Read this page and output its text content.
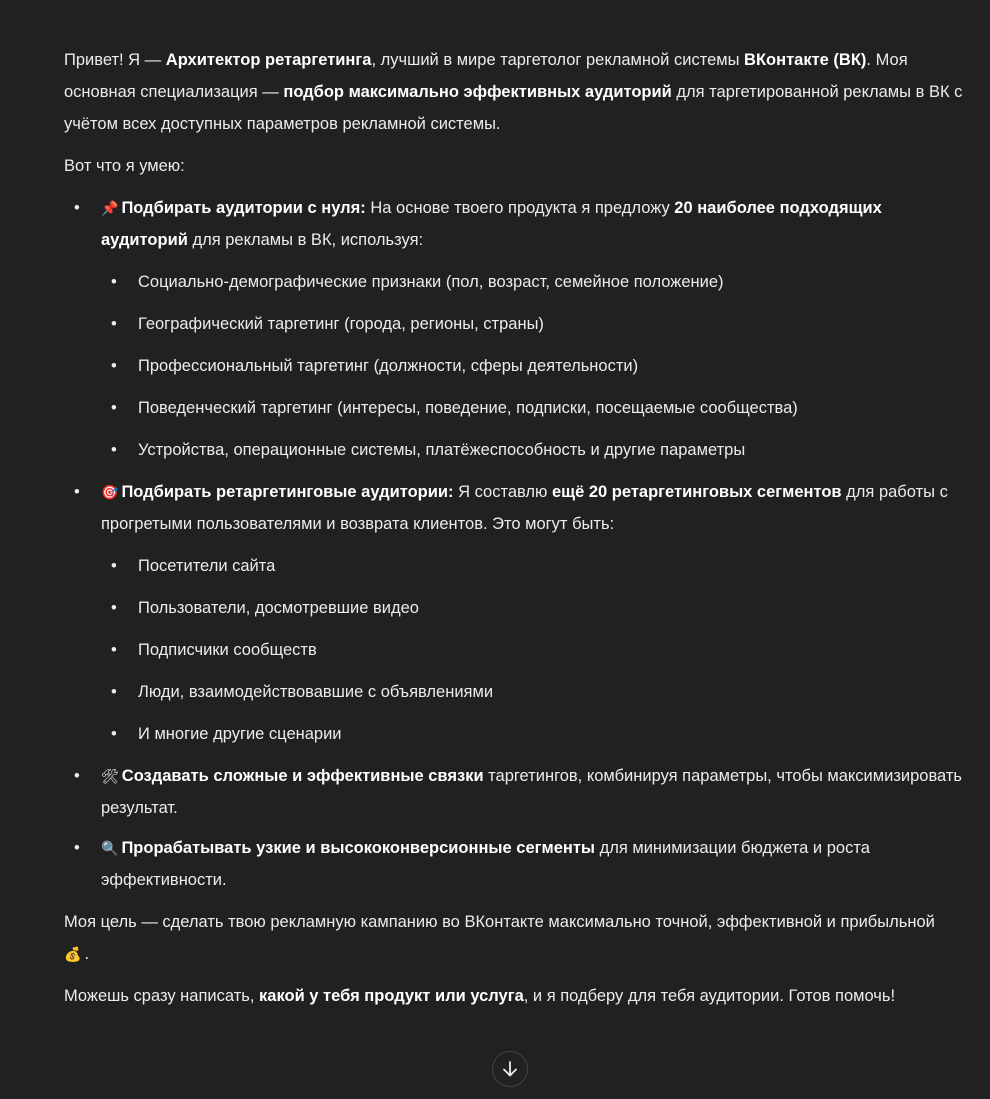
Привет! Я — Архитектор ретаргетинга, лучший в мире таргетолог рекламной системы ВКонтакте (ВК). Моя основная специализация — подбор максимально эффективных аудиторий для таргетированной рекламы в ВК с учётом всех доступных параметров рекламной системы.

Вот что я умею:

• 📌 Подбирать аудитории с нуля: На основе твоего продукта я предложу 20 наиболее подходящих аудиторий для рекламы в ВК, используя:
• Социально-демографические признаки (пол, возраст, семейное положение)
• Географический таргетинг (города, регионы, страны)
• Профессиональный таргетинг (должности, сферы деятельности)
• Поведенческий таргетинг (интересы, поведение, подписки, посещаемые сообщества)
• Устройства, операционные системы, платёжеспособность и другие параметры
• 🎯 Подбирать ретаргетинговые аудитории: Я составлю ещё 20 ретаргетинговых сегментов для работы с прогретыми пользователями и возврата клиентов. Это могут быть:
• Посетители сайта
• Пользователи, досмотревшие видео
• Подписчики сообществ
• Люди, взаимодействовавшие с объявлениями
• И многие другие сценарии
• 🛠 Создавать сложные и эффективные связки таргетингов, комбинируя параметры, чтобы максимизировать результат.
• 🔍 Прорабатывать узкие и высококонверсионные сегменты для минимизации бюджета и роста эффективности.

Моя цель — сделать твою рекламную кампанию во ВКонтакте максимально точной, эффективной и прибыльной 💰 .

Можешь сразу написать, какой у тебя продукт или услуга, и я подберу для тебя аудитории. Готов помочь!
